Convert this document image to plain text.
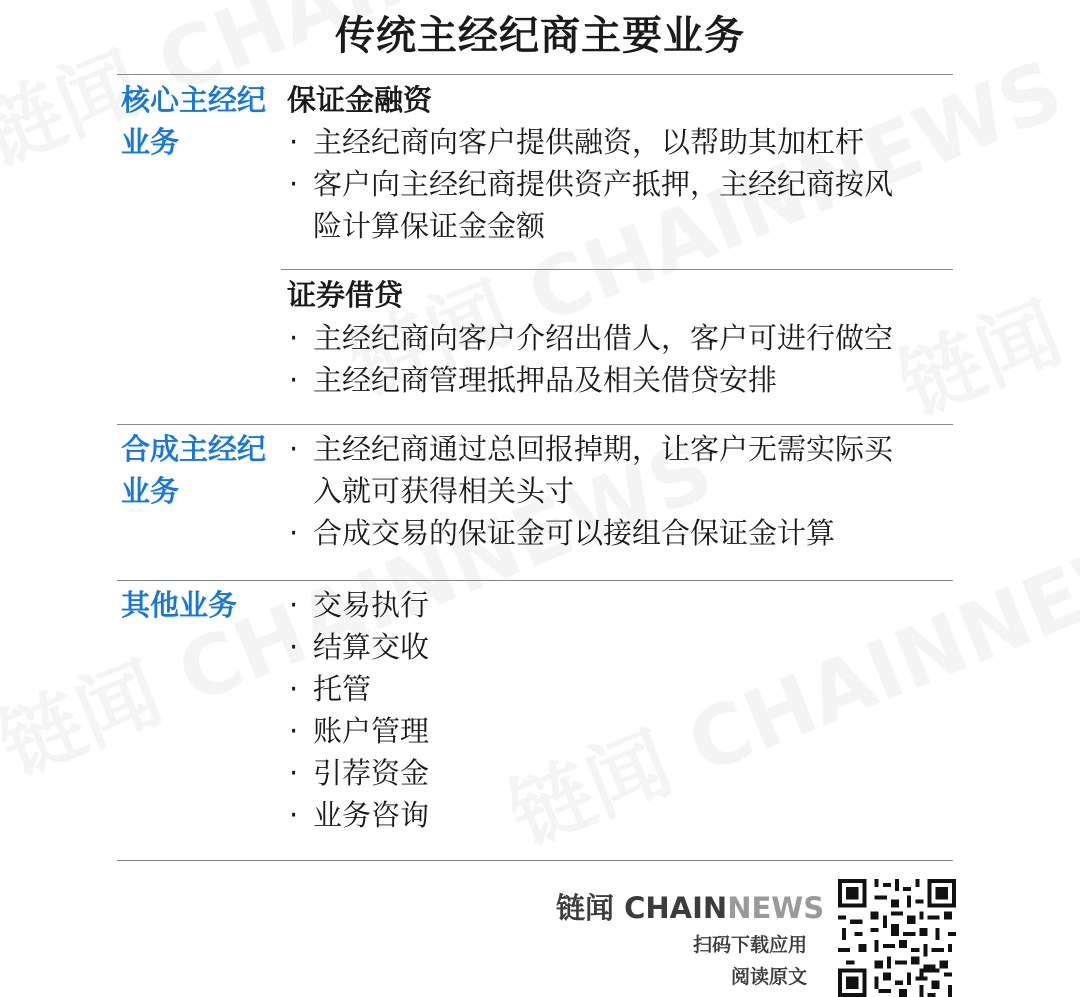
传统主经纪商主要业务
核心主经纪
业务
保证金融资
· 主经纪商向客户提供融资，以帮助其加杠杆
· 客户向主经纪商提供资产抵押，主经纪商按风
险计算保证金金额
证券借贷
· 主经纪商向客户介绍出借人，客户可进行做空
· 主经纪商管理抵押品及相关借贷安排
合成主经纪
业务
· 主经纪商通过总回报掉期，让客户无需实际买
入就可获得相关头寸
· 合成交易的保证金可以接组合保证金计算
其他业务	· 交易执行
· 结算交收
· 托管
· 账户管理
· 引荐资金
· 业务咨询
链闻 CHAINNEWS
扫码下载应用
阅读原文
